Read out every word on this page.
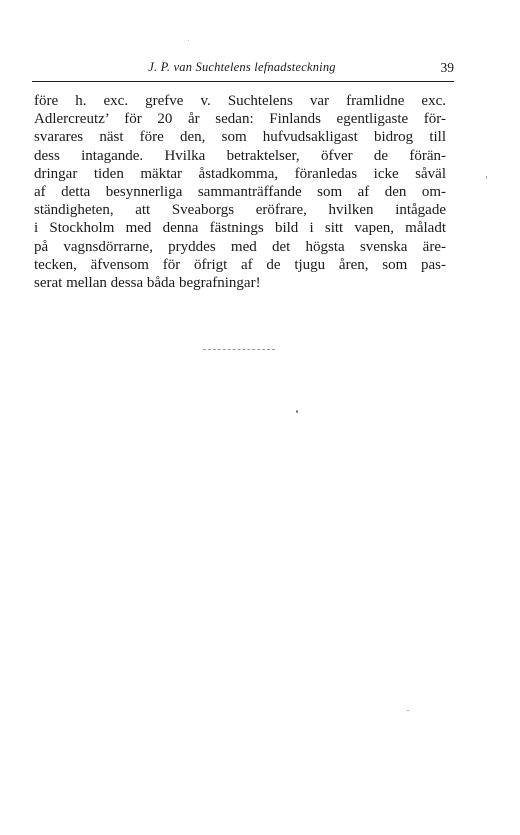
J. P. van Suchtelens lefnadsteckning	39
före h. exc. grefve v. Suchtelens var framlidne exc.
Adlercreutz’ för 20 år sedan: Finlands egentligaste för-
svarares näst före den, som hufvudsakligast bidrog till
dess intagande. Hvilka betraktelser, öfver de förän-
dringar tiden mäktar åstadkomma, föranledas icke såväl
af detta besynnerliga sammanträffande som af den om-
ständigheten, att Sveaborgs eröfrare, hvilken intågade
i Stockholm med denna fästnings bild i sitt vapen, måladt
på vagnsdörrarne, pryddes med det högsta svenska äre-
tecken, äfvensom för öfrigt af de tjugu åren, som pas-
serat mellan dessa båda begrafningar!
